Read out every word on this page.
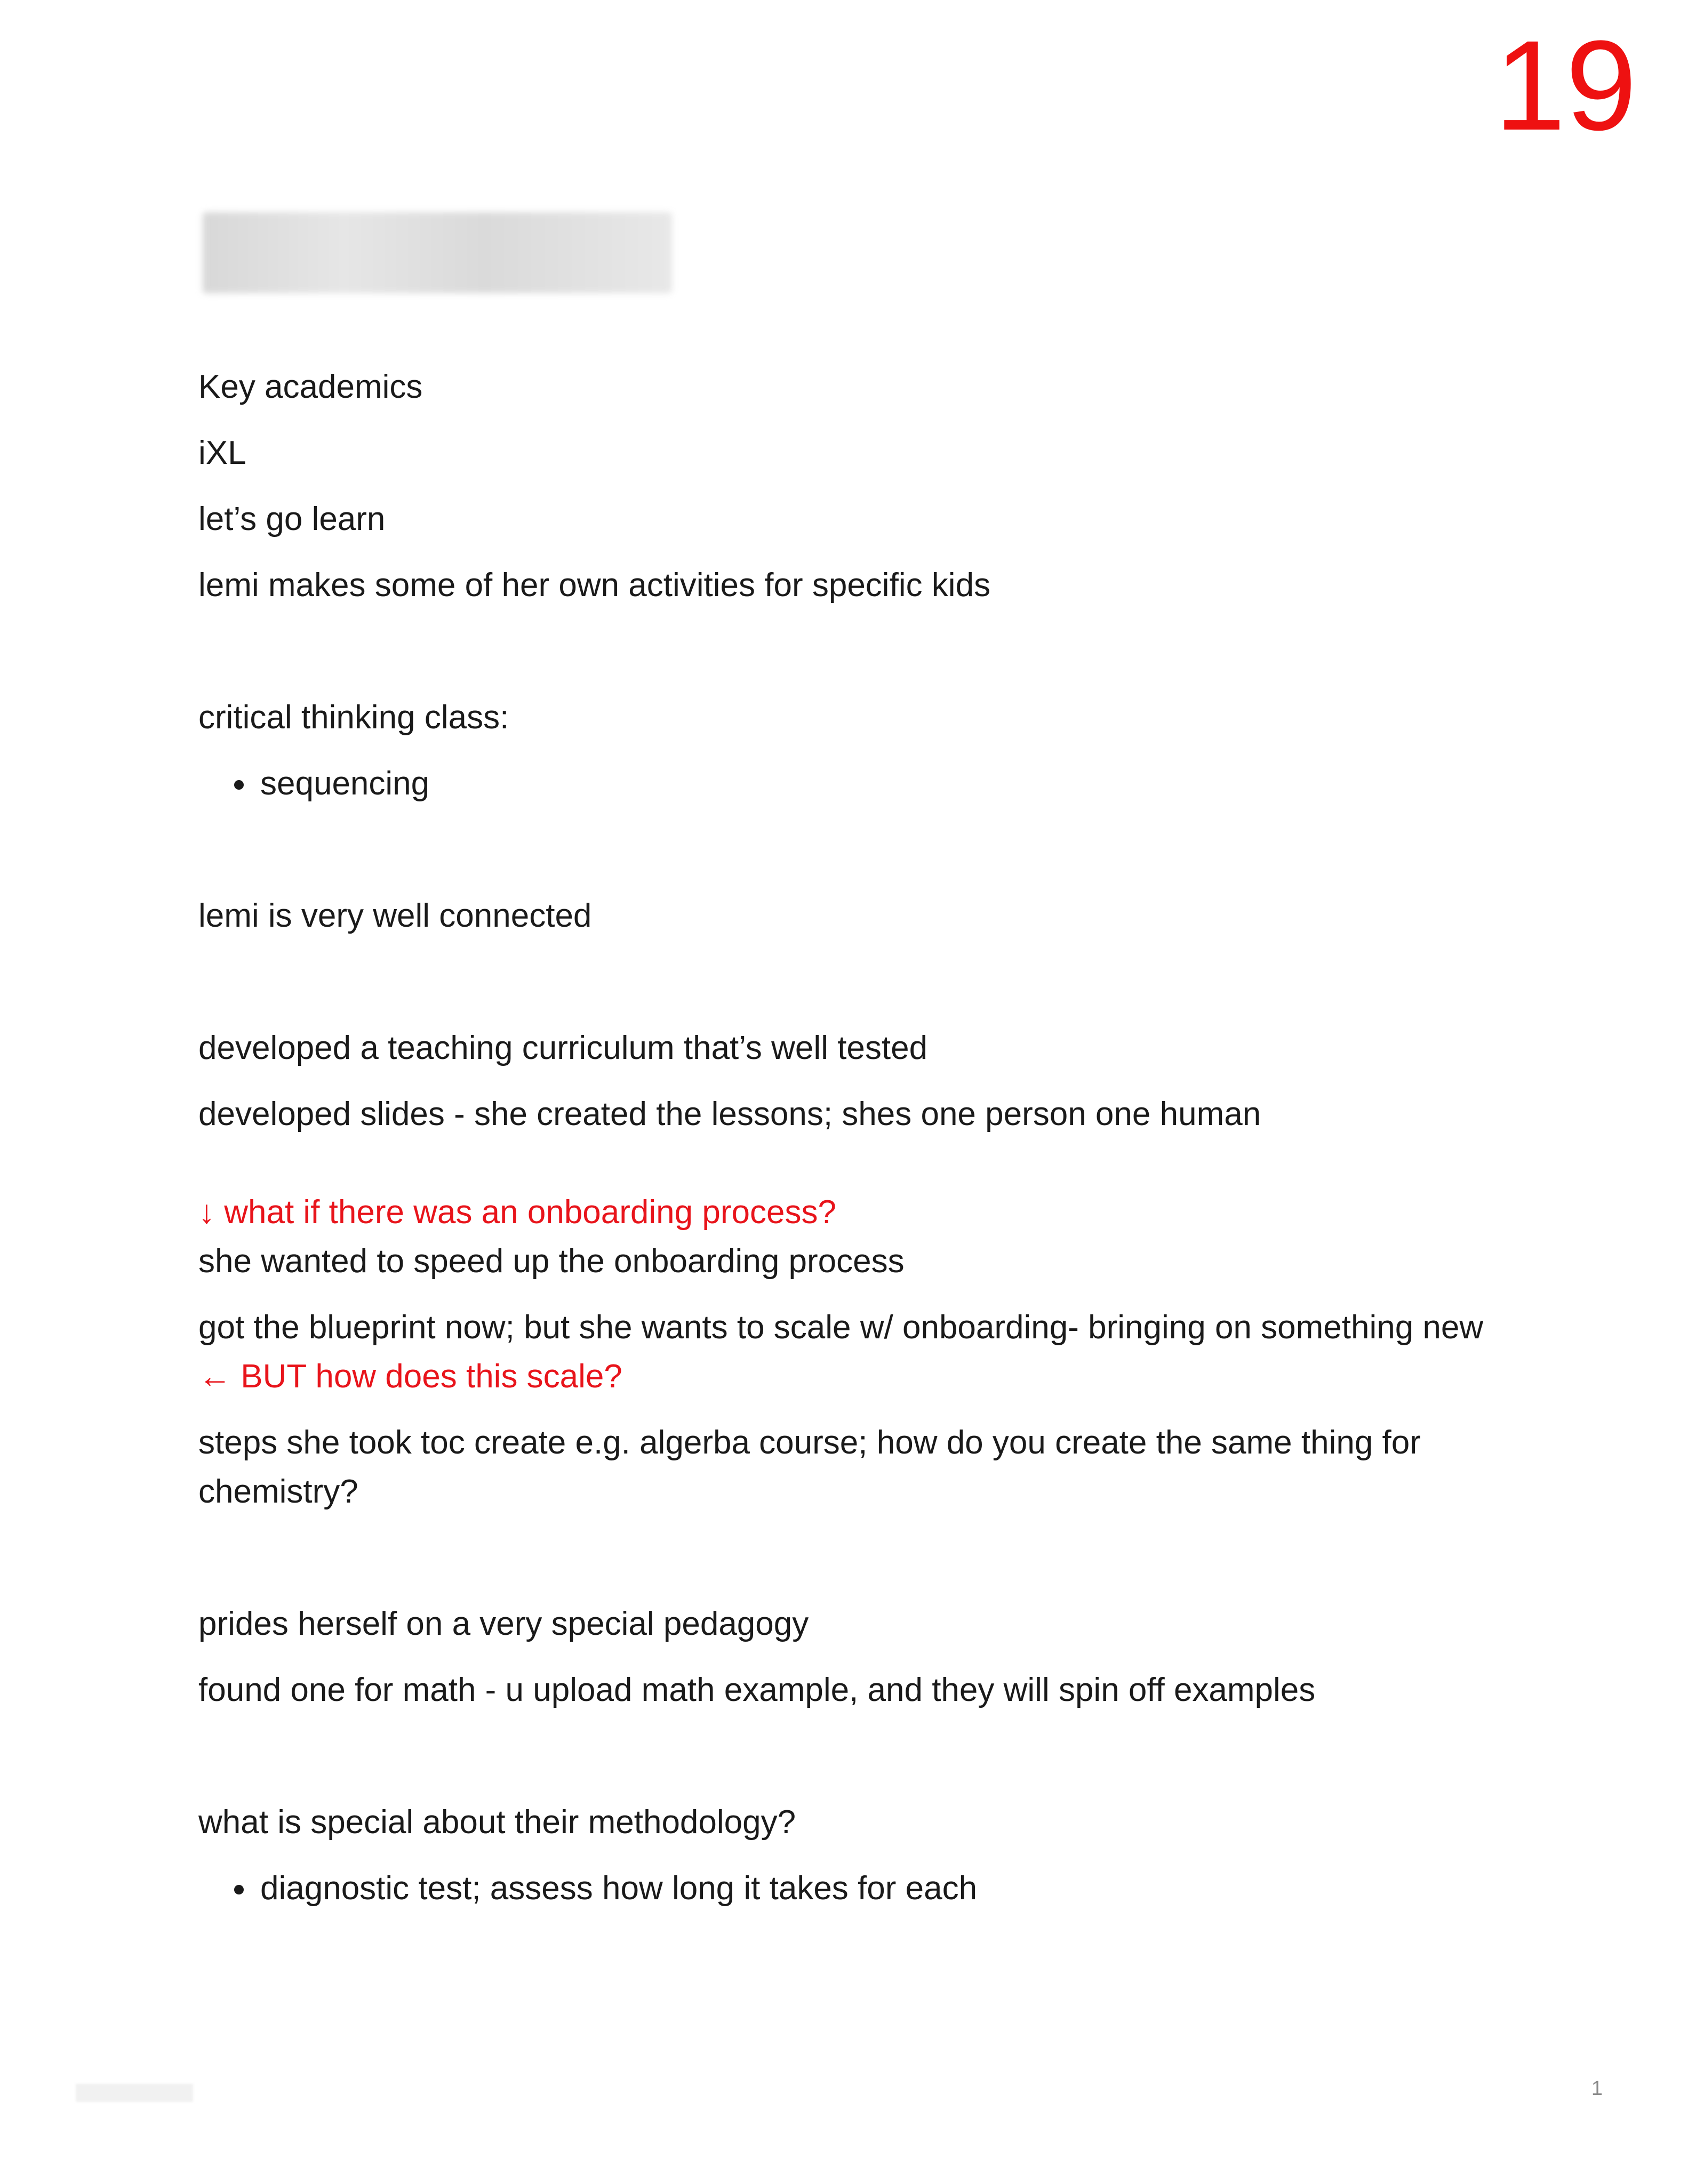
19

Key academics

iXL

let’s go learn

lemi makes some of her own activities for specific kids

critical thinking class:

• sequencing

lemi is very well connected

developed a teaching curriculum that’s well tested

developed slides - she created the lessons; shes one person one human

↓ what if there was an onboarding process?

she wanted to speed up the onboarding process

got the blueprint now; but she wants to scale w/ onboarding- bringing on something new ← BUT how does this scale?

steps she took toc create e.g. algerba course; how do you create the same thing for chemistry?

prides herself on a very special pedagogy

found one for math - u upload math example, and they will spin off examples

what is special about their methodology?

• diagnostic test; assess how long it takes for each
1
